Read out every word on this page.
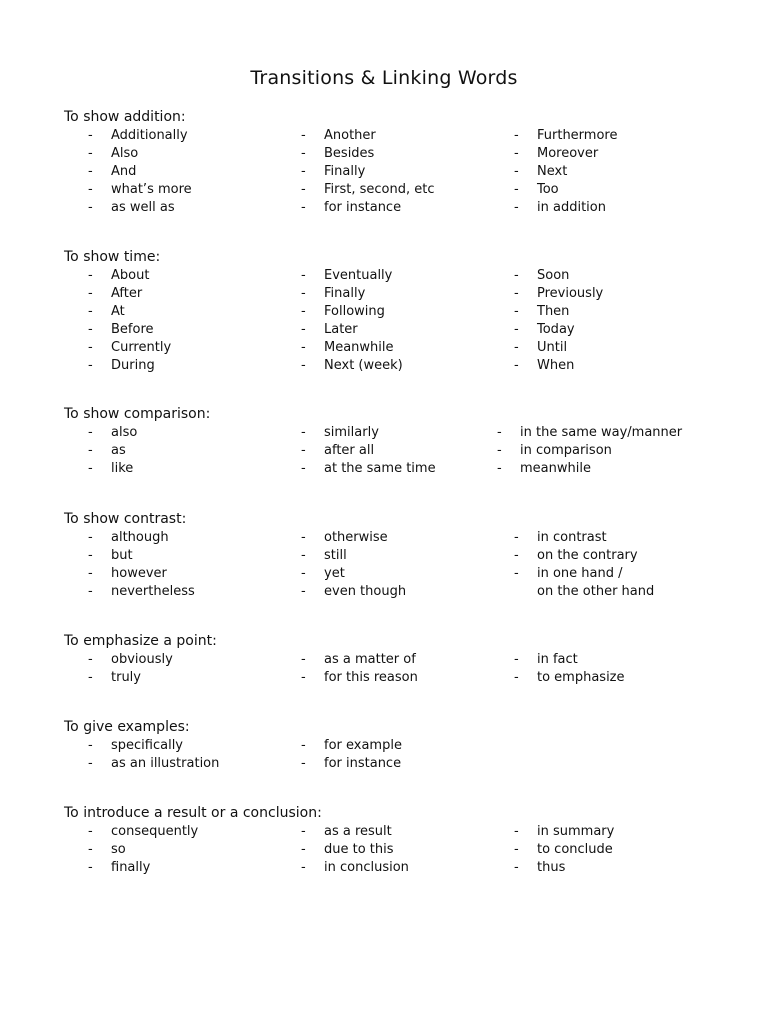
Transitions & Linking Words
To show addition:
- Additionally
- Also
- And
- what’s more
- as well as
- Another
- Besides
- Finally
- First, second, etc
- for instance
- Furthermore
- Moreover
- Next
- Too
- in addition
To show time:
- About
- After
- At
- Before
- Currently
- During
- Eventually
- Finally
- Following
- Later
- Meanwhile
- Next (week)
- Soon
- Previously
- Then
- Today
- Until
- When
To show comparison:
- also
- as
- like
- similarly
- after all
- at the same time
- in the same way/manner
- in comparison
- meanwhile
To show contrast:
- although
- but
- however
- nevertheless
- otherwise
- still
- yet
- even though
- in contrast
- on the contrary
- in one hand /
on the other hand
To emphasize a point:
- obviously
- truly
- as a matter of
- for this reason
- in fact
- to emphasize
To give examples:
- specifically
- as an illustration
- for example
- for instance
To introduce a result or a conclusion:
- consequently
- so
- finally
- as a result
- due to this
- in conclusion
- in summary
- to conclude
- thus
